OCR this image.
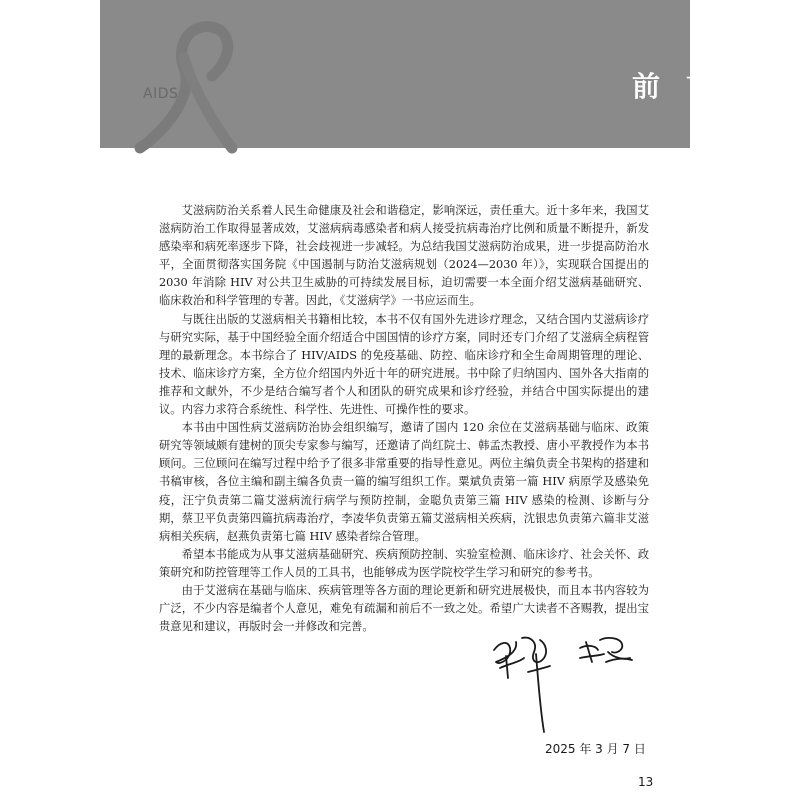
AIDS	前言

艾滋病防治关系着人民生命健康及社会和谐稳定，影响深远，责任重大。近十多年来，我国艾滋病防治工作取得显著成效，艾滋病病毒感染者和病人接受抗病毒治疗比例和质量不断提升，新发感染率和病死率逐步下降，社会歧视进一步减轻。为总结我国艾滋病防治成果，进一步提高防治水平，全面贯彻落实国务院《中国遏制与防治艾滋病规划（2024—2030 年）》，实现联合国提出的 2030 年消除 HIV 对公共卫生威胁的可持续发展目标，迫切需要一本全面介绍艾滋病基础研究、临床救治和科学管理的专著。因此，《艾滋病学》一书应运而生。

与既往出版的艾滋病相关书籍相比较，本书不仅有国外先进诊疗理念，又结合国内艾滋病诊疗与研究实际，基于中国经验全面介绍适合中国国情的诊疗方案，同时还专门介绍了艾滋病全病程管理的最新理念。本书综合了 HIV/AIDS 的免疫基础、防控、临床诊疗和全生命周期管理的理论、技术、临床诊疗方案，全方位介绍国内外近十年的研究进展。书中除了归纳国内、国外各大指南的推荐和文献外，不少是结合编写者个人和团队的研究成果和诊疗经验，并结合中国实际提出的建议。内容力求符合系统性、科学性、先进性、可操作性的要求。

本书由中国性病艾滋病防治协会组织编写，邀请了国内 120 余位在艾滋病基础与临床、政策研究等领域颇有建树的顶尖专家参与编写，还邀请了尚红院士、韩孟杰教授、唐小平教授作为本书顾问。三位顾问在编写过程中给予了很多非常重要的指导性意见。两位主编负责全书架构的搭建和书稿审核，各位主编和副主编各负责一篇的编写组织工作。粟斌负责第一篇 HIV 病原学及感染免疫，汪宁负责第二篇艾滋病流行病学与预防控制，金聪负责第三篇 HIV 感染的检测、诊断与分期，蔡卫平负责第四篇抗病毒治疗，李凌华负责第五篇艾滋病相关疾病，沈银忠负责第六篇非艾滋病相关疾病，赵燕负责第七篇 HIV 感染者综合管理。

希望本书能成为从事艾滋病基础研究、疾病预防控制、实验室检测、临床诊疗、社会关怀、政策研究和防控管理等工作人员的工具书，也能够成为医学院校学生学习和研究的参考书。

由于艾滋病在基础与临床、疾病管理等各方面的理论更新和研究进展极快，而且本书内容较为广泛，不少内容是编者个人意见，难免有疏漏和前后不一致之处。希望广大读者不吝赐教，提出宝贵意见和建议，再版时会一并修改和完善。

2025 年 3 月 7 日
13
